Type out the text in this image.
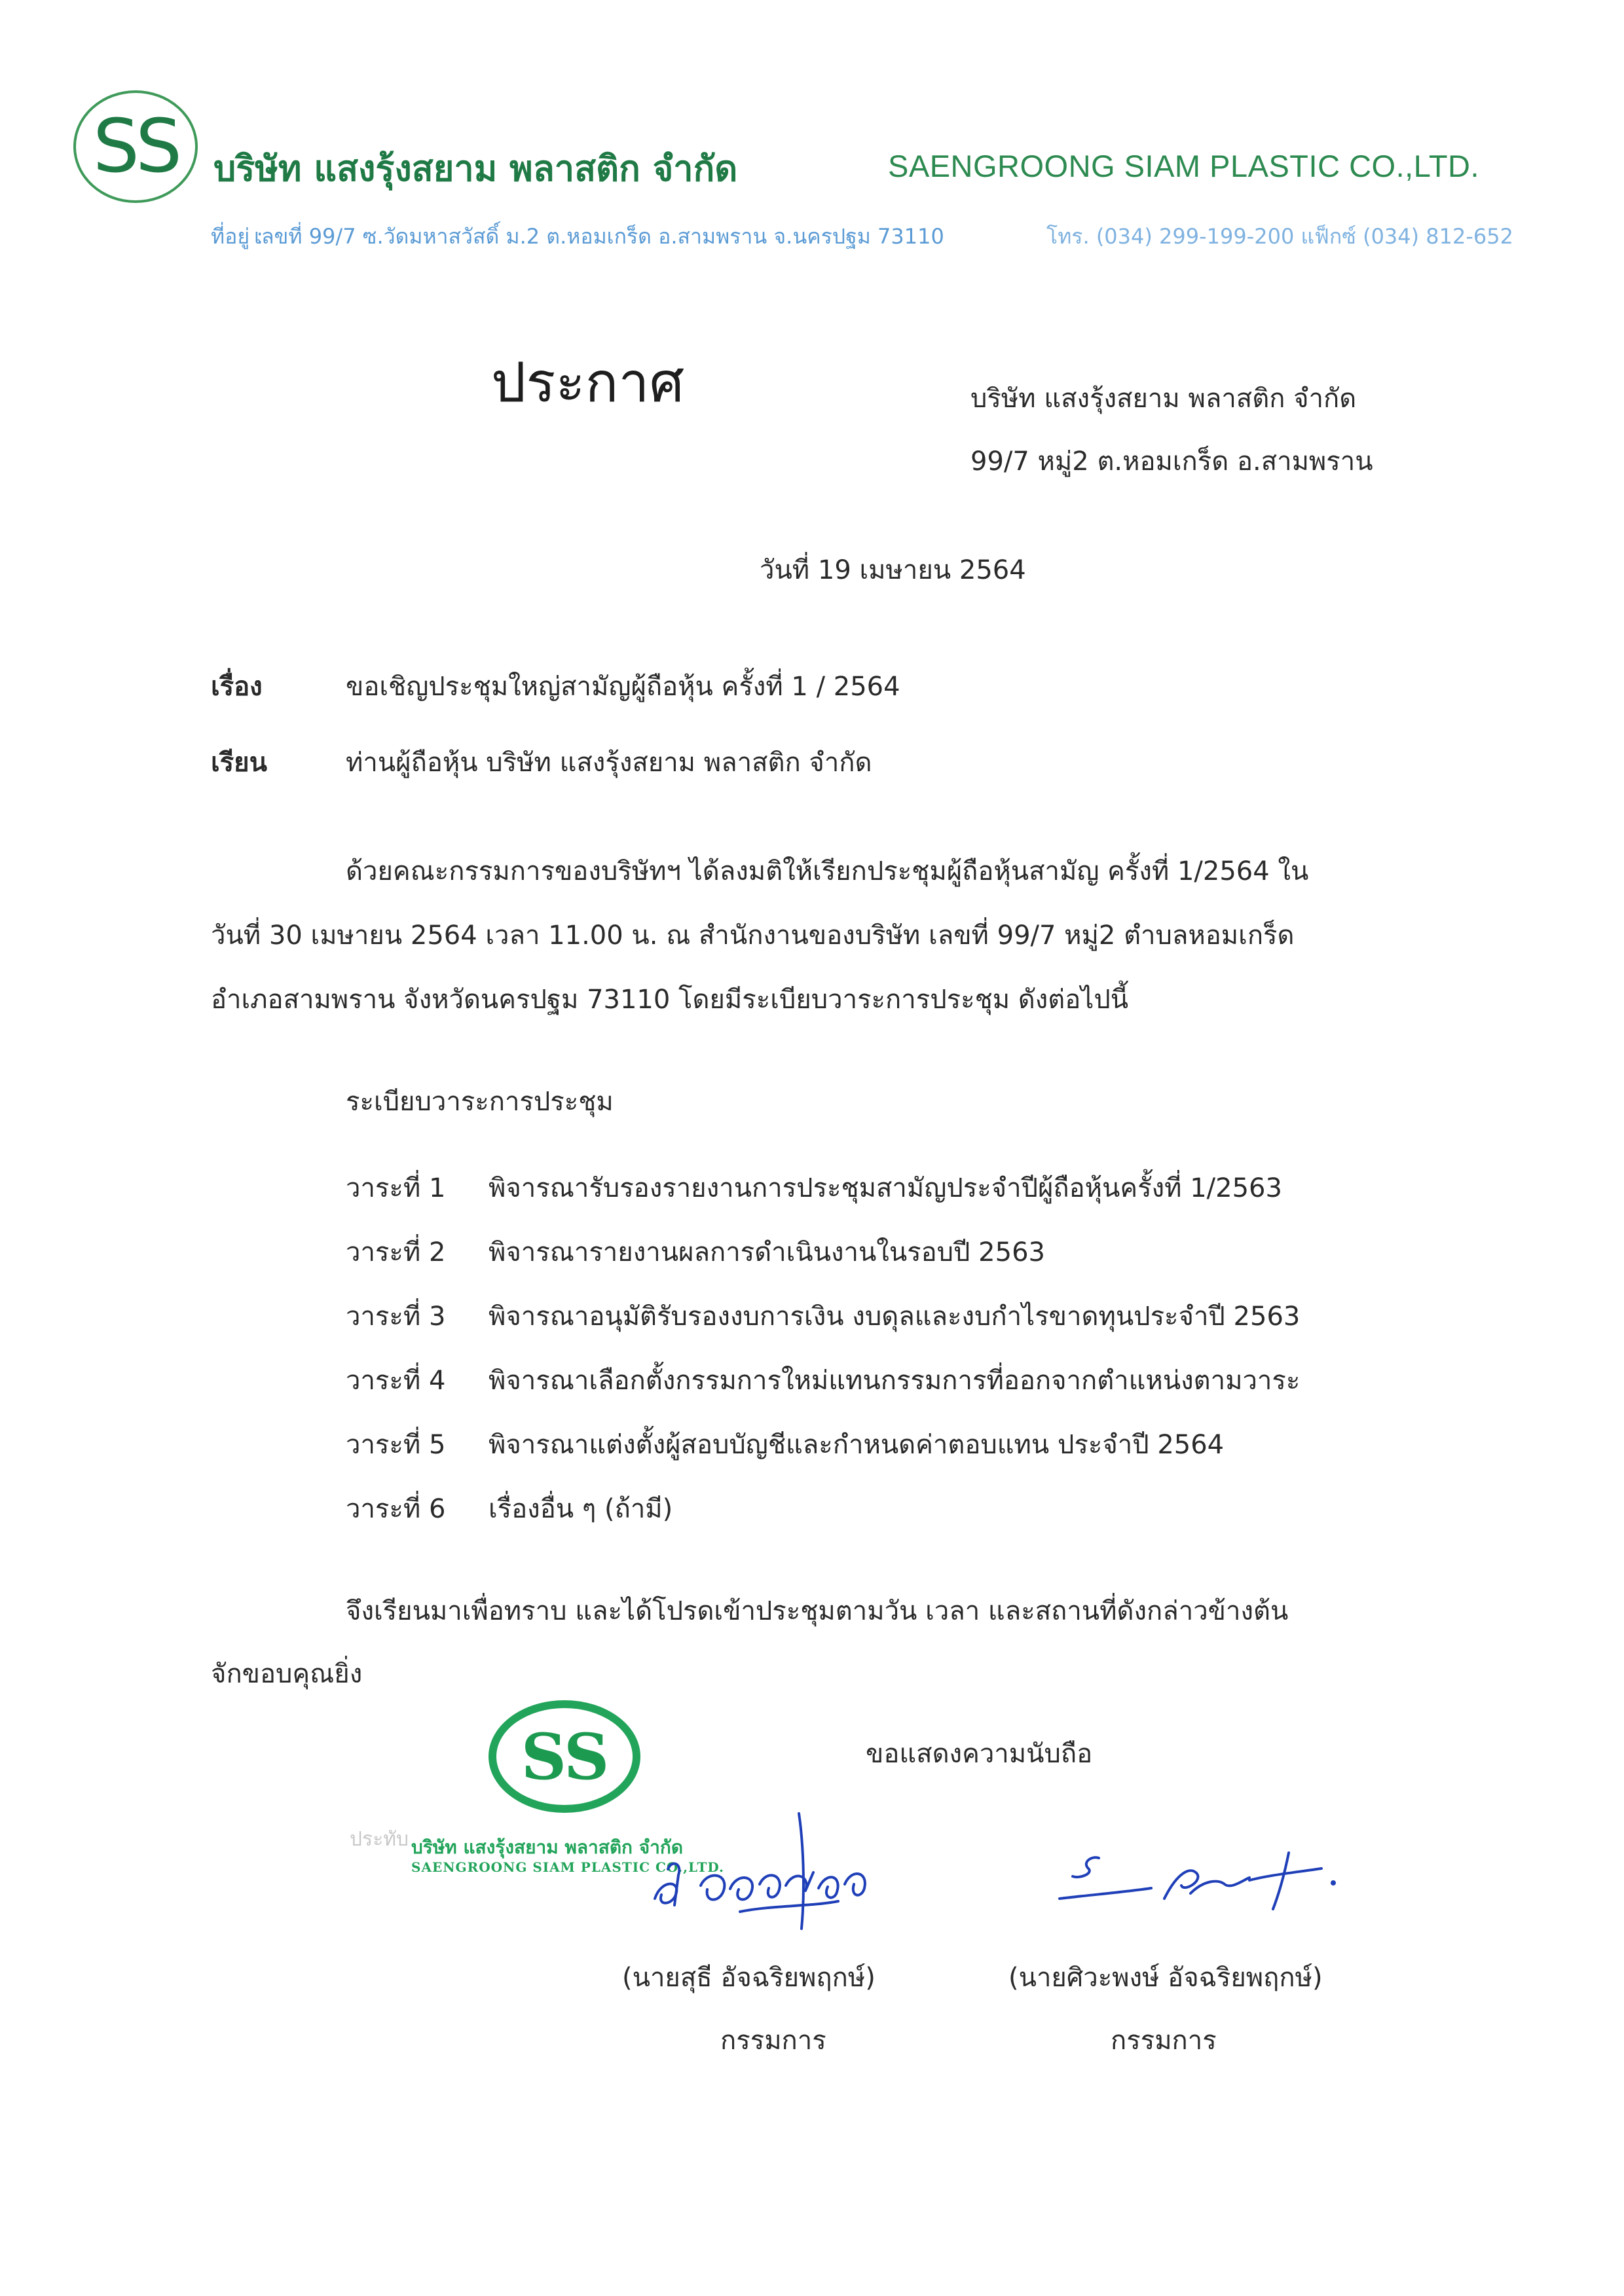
SS บริษัท แสงรุ้งสยาม พลาสติก จำกัด	SAENGROONG SIAM PLASTIC CO.,LTD.
ที่อยู่ :
เลขที่ 99/7 ซ.วัดมหาสวัสดิ์ ม.2 ต.หอมเกร็ด อ.สามพราน จ.นครปฐม 73110	โทร. (034) 299-199-200 แฟ็กซ์ (034) 812-652
ประกาศ	บริษัท แสงรุ้งสยาม พลาสติก จำกัด
99/7 หมู่2 ต.หอมเกร็ด อ.สามพราน
วันที่ 19 เมษายน 2564
เรื่อง	ขอเชิญประชุมใหญ่สามัญผู้ถือหุ้น ครั้งที่ 1 / 2564
เรียน	ท่านผู้ถือหุ้น บริษัท แสงรุ้งสยาม พลาสติก จำกัด
ด้วยคณะกรรมการของบริษัทฯ ได้ลงมติให้เรียกประชุมผู้ถือหุ้นสามัญ ครั้งที่ 1/2564 ใน
วันที่ 30 เมษายน 2564 เวลา 11.00 น. ณ สำนักงานของบริษัท เลขที่ 99/7 หมู่2 ตำบลหอมเกร็ด
อำเภอสามพราน จังหวัดนครปฐม 73110 โดยมีระเบียบวาระการประชุม ดังต่อไปนี้
ระเบียบวาระการประชุม
วาระที่ 1 พิจารณารับรองรายงานการประชุมสามัญประจำปีผู้ถือหุ้นครั้งที่ 1/2563
วาระที่ 2 พิจารณารายงานผลการดำเนินงานในรอบปี 2563
วาระที่ 3 พิจารณาอนุมัติรับรองงบการเงิน งบดุลและงบกำไรขาดทุนประจำปี 2563
วาระที่ 4 พิจารณาเลือกตั้งกรรมการใหม่แทนกรรมการที่ออกจากตำแหน่งตามวาระ
วาระที่ 5 พิจารณาแต่งตั้งผู้สอบบัญชีและกำหนดค่าตอบแทน ประจำปี 2564
วาระที่ 6 เรื่องอื่น ๆ (ถ้ามี)
จึงเรียนมาเพื่อทราบ และได้โปรดเข้าประชุมตามวัน เวลา และสถานที่ดังกล่าวข้างต้น
จักขอบคุณยิ่ง
ขอแสดงความนับถือ
ประทับ
SS
บริษัท แสงรุ้งสยาม พลาสติก จำกัด
SAENGROONG SIAM PLASTIC CO.,LTD.
(นายสุธี อัจฉริยพฤกษ์)
กรรมการ
(นายศิวะพงษ์ อัจฉริยพฤกษ์)
กรรมการ
